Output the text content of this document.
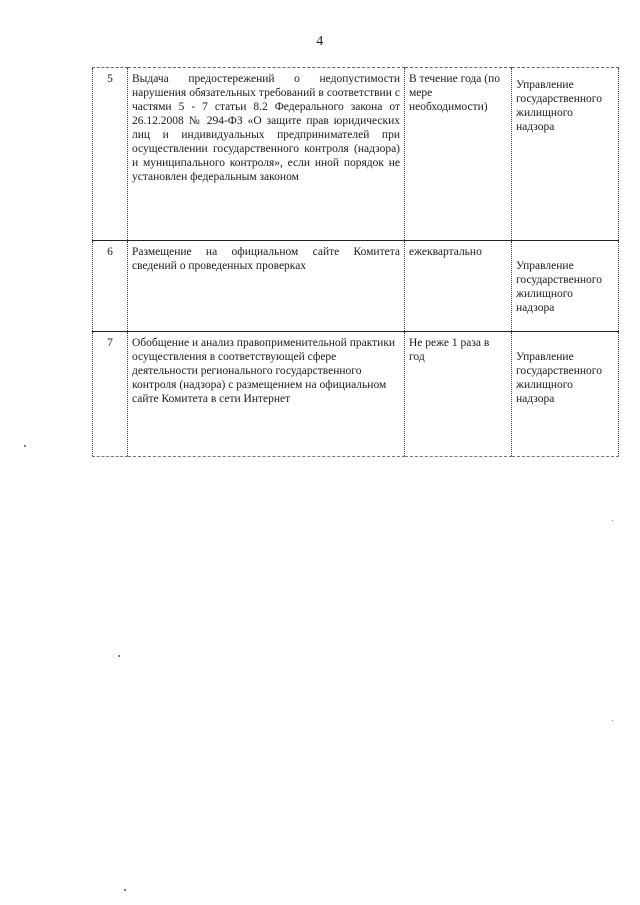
4
5	Выдача предостережений о недопустимости нарушения обязательных требований в соответствии с частями 5 - 7 статьи 8.2 Федерального закона от 26.12.2008 № 294-ФЗ «О защите прав юридических лиц и индивидуальных предпринимателей при осуществлении государственного контроля (надзора) и муниципального контроля», если иной порядок не установлен федеральным законом	В течение года (по мере необходимости)	Управление государственного жилищного надзора
6	Размещение на официальном сайте Комитета сведений о проведенных проверках	ежеквартально	Управление государственного жилищного надзора
7	Обобщение и анализ правоприменительной практики осуществления в соответствующей сфере деятельности регионального государственного контроля (надзора) с размещением на официальном сайте Комитета в сети Интернет	Не реже 1 раза в год	Управление государственного жилищного надзора
